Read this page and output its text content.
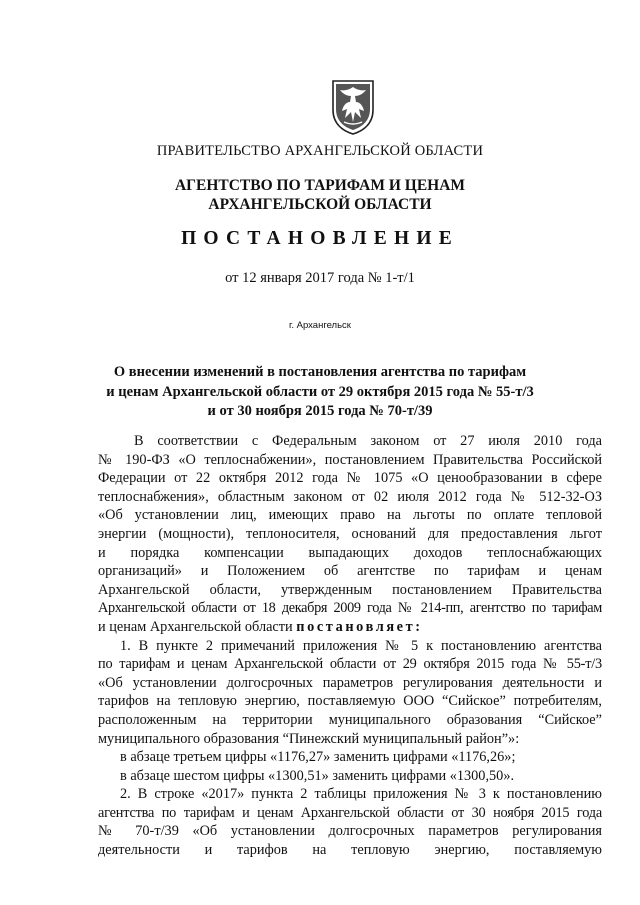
ПРАВИТЕЛЬСТВО АРХАНГЕЛЬСКОЙ ОБЛАСТИ
АГЕНТСТВО ПО ТАРИФАМ И ЦЕНАМ
АРХАНГЕЛЬСКОЙ ОБЛАСТИ
ПОСТАНОВЛЕНИЕ
от 12 января 2017 года № 1-т/1
г. Архангельск
О внесении изменений в постановления агентства по тарифам
и ценам Архангельской области от 29 октября 2015 года № 55-т/3
и от 30 ноября 2015 года № 70-т/39

В соответствии с Федеральным законом от 27 июля 2010 года

№ 190-ФЗ «О теплоснабжении», постановлением Правительства Российской

Федерации от 22 октября 2012 года № 1075 «О ценообразовании в сфере

теплоснабжения», областным законом от 02 июля 2012 года № 512-32-ОЗ

«Об установлении лиц, имеющих право на льготы по оплате тепловой

энергии (мощности), теплоносителя, оснований для предоставления льгот

и порядка компенсации выпадающих доходов теплоснабжающих

организаций» и Положением об агентстве по тарифам и ценам

Архангельской области, утвержденным постановлением Правительства

Архангельской области от 18 декабря 2009 года № 214-пп, агентство по тарифам

и ценам Архангельской области постановляет:

1. В пункте 2 примечаний приложения № 5 к постановлению агентства

по тарифам и ценам Архангельской области от 29 октября 2015 года № 55-т/3

«Об установлении долгосрочных параметров регулирования деятельности и

тарифов на тепловую энергию, поставляемую ООО “Сийское” потребителям,

расположенным на территории муниципального образования “Сийское”

муниципального образования “Пинежский муниципальный район”»:

в абзаце третьем цифры «1176,27» заменить цифрами «1176,26»;

в абзаце шестом цифры «1300,51» заменить цифрами «1300,50».

2. В строке «2017» пункта 2 таблицы приложения № 3 к постановлению

агентства по тарифам и ценам Архангельской области от 30 ноября 2015 года

№ 70-т/39 «Об установлении долгосрочных параметров регулирования

деятельности и тарифов на тепловую энергию, поставляемую
